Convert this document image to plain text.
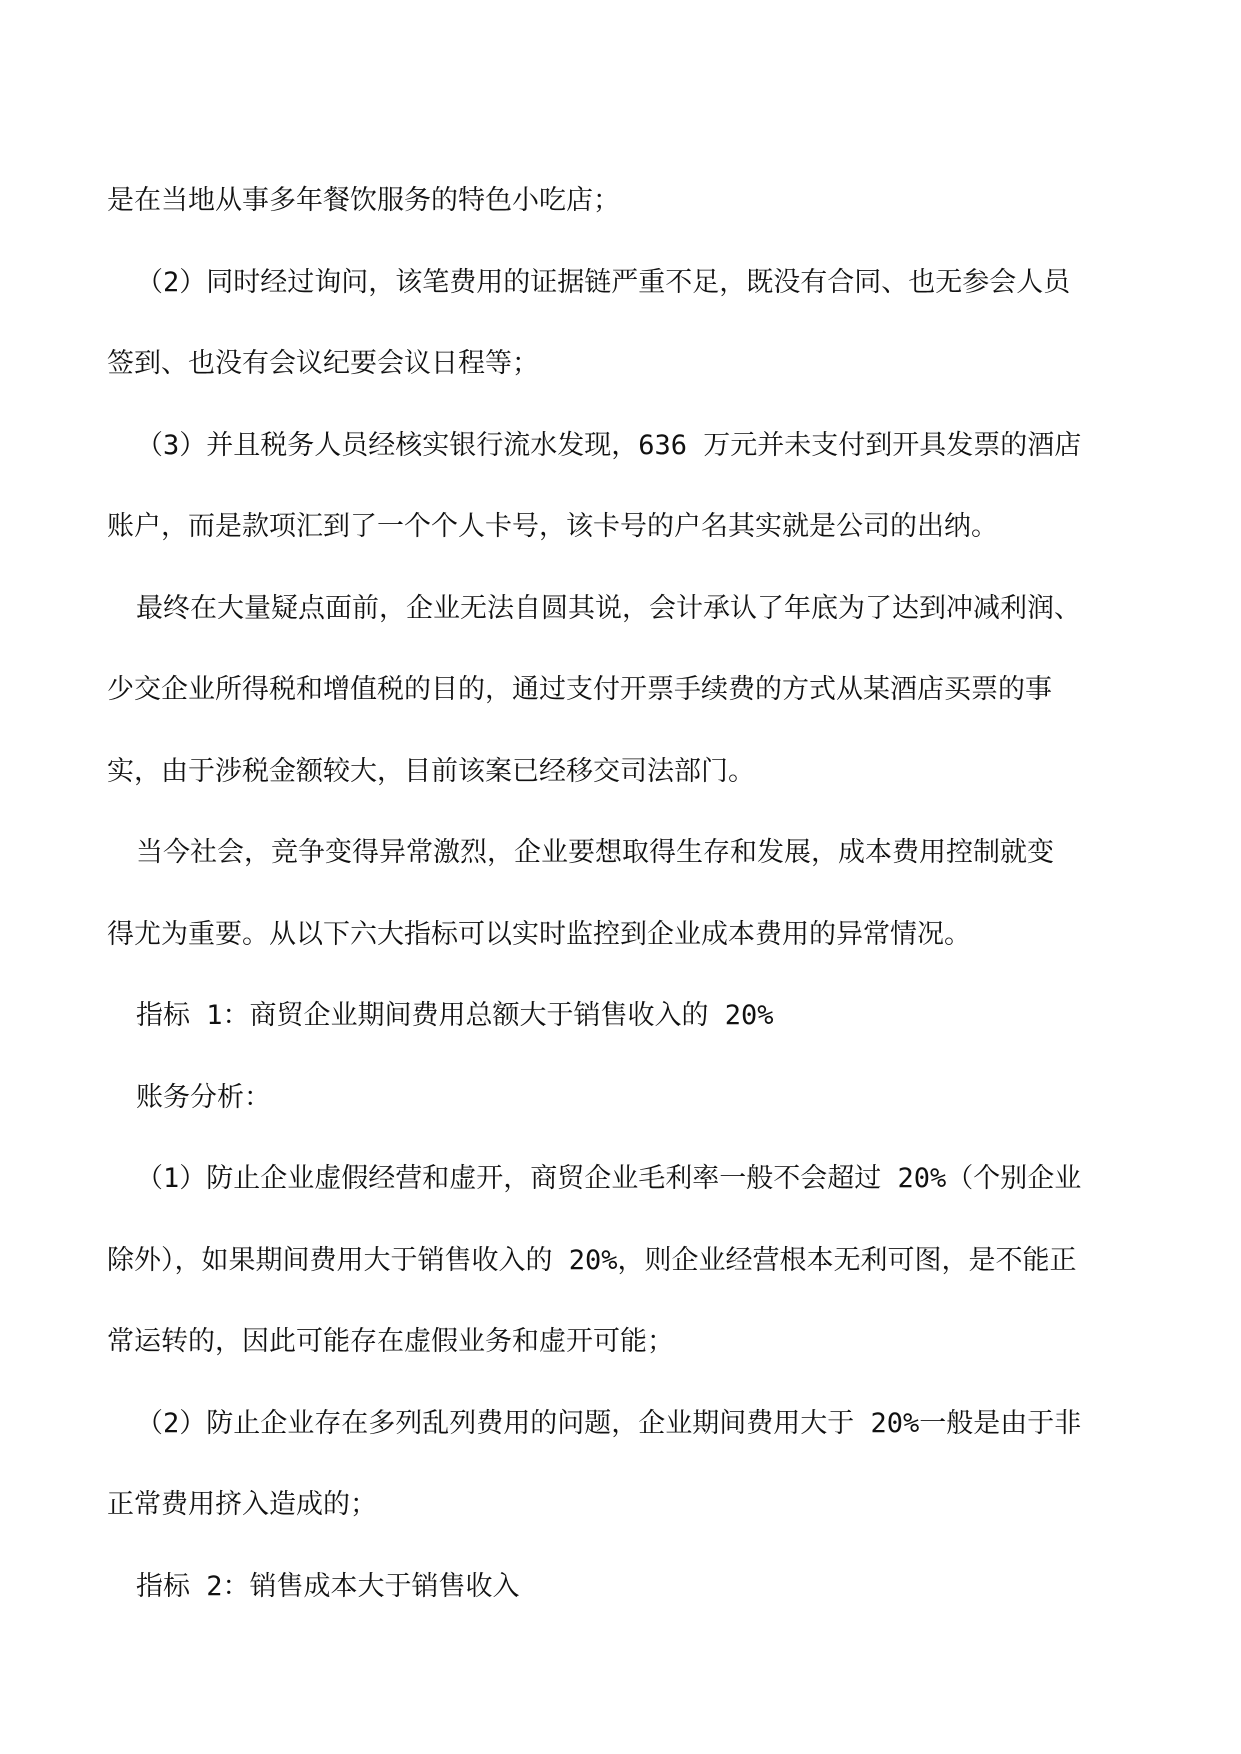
是在当地从事多年餐饮服务的特色小吃店；

（2）同时经过询问，该笔费用的证据链严重不足，既没有合同、也无参会人员

签到、也没有会议纪要会议日程等；

（3）并且税务人员经核实银行流水发现，636 万元并未支付到开具发票的酒店

账户，而是款项汇到了一个个人卡号，该卡号的户名其实就是公司的出纳。

最终在大量疑点面前，企业无法自圆其说，会计承认了年底为了达到冲减利润、

少交企业所得税和增值税的目的，通过支付开票手续费的方式从某酒店买票的事

实，由于涉税金额较大，目前该案已经移交司法部门。

当今社会，竞争变得异常激烈，企业要想取得生存和发展，成本费用控制就变

得尤为重要。从以下六大指标可以实时监控到企业成本费用的异常情况。

指标 1：商贸企业期间费用总额大于销售收入的 20%

账务分析：

（1）防止企业虚假经营和虚开，商贸企业毛利率一般不会超过 20%（个别企业

除外），如果期间费用大于销售收入的 20%，则企业经营根本无利可图，是不能正

常运转的，因此可能存在虚假业务和虚开可能；

（2）防止企业存在多列乱列费用的问题，企业期间费用大于 20%一般是由于非

正常费用挤入造成的；

指标 2：销售成本大于销售收入
